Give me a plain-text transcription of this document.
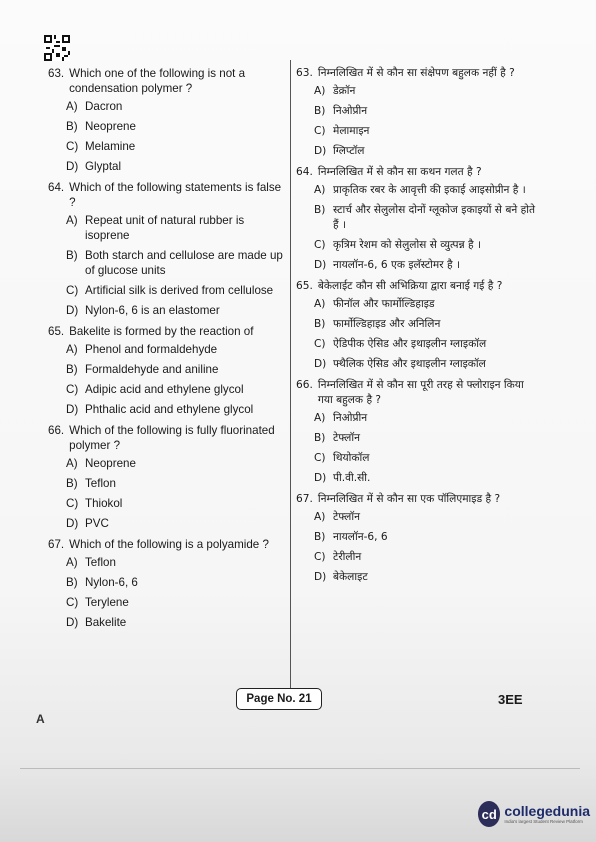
63. Which one of the following is not a condensation polymer ?
A) Dacron
B) Neoprene
C) Melamine
D) Glyptal
64. Which of the following statements is false ?
A) Repeat unit of natural rubber is isoprene
B) Both starch and cellulose are made up of glucose units
C) Artificial silk is derived from cellulose
D) Nylon-6, 6 is an elastomer
65. Bakelite is formed by the reaction of
A) Phenol and formaldehyde
B) Formaldehyde and aniline
C) Adipic acid and ethylene glycol
D) Phthalic acid and ethylene glycol
66. Which of the following is fully fluorinated polymer ?
A) Neoprene
B) Teflon
C) Thiokol
D) PVC
67. Which of the following is a polyamide ?
A) Teflon
B) Nylon-6, 6
C) Terylene
D) Bakelite
63. निम्नलिखित में से कौन सा संक्षेपण बहुलक नहीं है ?
A) डेक्रॉन
B) निओप्रीन
C) मेलामाइन
D) ग्लिप्टॉल
64. निम्नलिखित में से कौन सा कथन गलत है ?
A) प्राकृतिक रबर के आवृत्ती की इकाई आइसोप्रीन है ।
B) स्टार्च और सेलुलोस दोनों ग्लूकोज इकाइयों से बने होते हैं ।
C) कृत्रिम रेशम को सेलुलोस से व्युत्पन्न है ।
D) नायलॉन-6, 6 एक इलॅस्टोमर है ।
65. बेकेलाईट कौन सी अभिक्रिया द्वारा बनाई गई है ?
A) फीनॉल और फार्मोल्डिहाइड
B) फार्मोल्डिहाइड और अनिलिन
C) ऐडिपीक ऐसिड और इथाइलीन ग्लाइकॉल
D) फ्थैलिक ऐसिड और इथाइलीन ग्लाइकॉल
66. निम्नलिखित में से कौन सा पूरी तरह से फ्लोराइन किया गया बहुलक है ?
A) निओप्रीन
B) टेफ्लॉन
C) थियोकॉल
D) पी.वी.सी.
67. निम्नलिखित में से कौन सा एक पॉलिएमाइड है ?
A) टेफ्लॉन
B) नायलॉन-6, 6
C) टेरीलीन
D) बेकेलाइट
A
Page No. 21	3EE
cd collegedunia
India's largest Student Review Platform
